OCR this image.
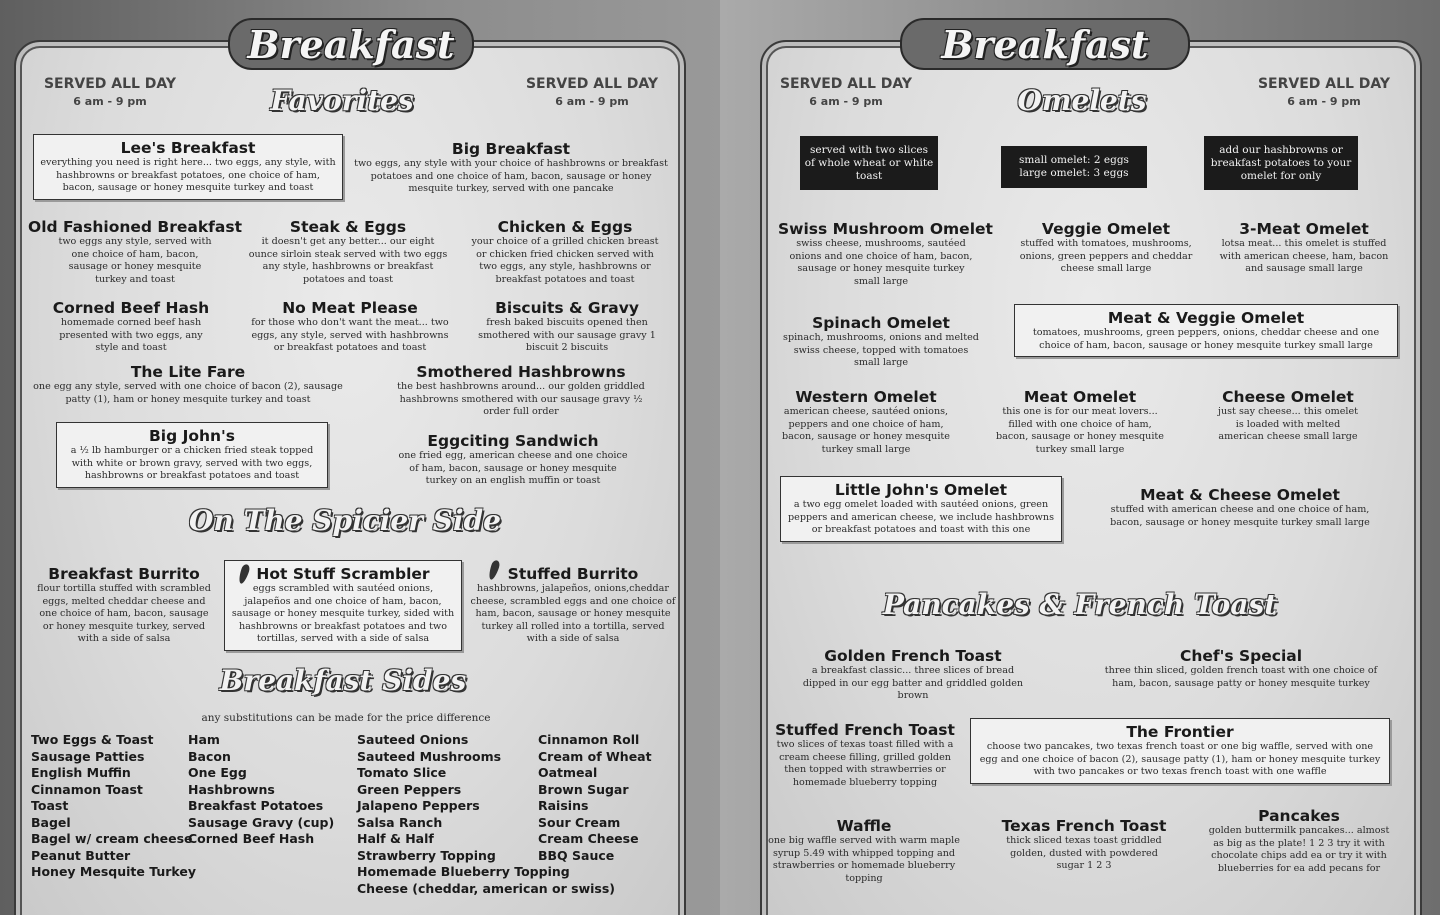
Breakfast
SERVED ALL DAY
6 am - 9 pm
SERVED ALL DAY
6 am - 9 pm
Favorites
Lee's Breakfast
everything you need is right here... two eggs, any style, with hashbrowns or breakfast potatoes, one choice of ham, bacon, sausage or honey mesquite turkey and toast
Big Breakfast
two eggs, any style with your choice of hashbrowns or breakfast potatoes and one choice of ham, bacon, sausage or honey mesquite turkey, served with one pancake
Old Fashioned Breakfast
two eggs any style, served with one choice of ham, bacon, sausage or honey mesquite turkey and toast
Steak & Eggs
it doesn't get any better... our eight ounce sirloin steak served with two eggs any style, hashbrowns or breakfast potatoes and toast
Chicken & Eggs
your choice of a grilled chicken breast or chicken fried chicken served with two eggs, any style, hashbrowns or breakfast potatoes and toast
Corned Beef Hash
homemade corned beef hash presented with two eggs, any style and toast
No Meat Please
for those who don't want the meat... two eggs, any style, served with hashbrowns or breakfast potatoes and toast
Biscuits & Gravy
fresh baked biscuits opened then smothered with our sausage gravy 1 biscuit 2 biscuits
The Lite Fare
one egg any style, served with one choice of bacon (2), sausage patty (1), ham or honey mesquite turkey and toast
Smothered Hashbrowns
the best hashbrowns around... our golden griddled hashbrowns smothered with our sausage gravy ½ order full order
Big John's
a ½ lb hamburger or a chicken fried steak topped with white or brown gravy, served with two eggs, hashbrowns or breakfast potatoes and toast
Eggciting Sandwich
one fried egg, american cheese and one choice of ham, bacon, sausage or honey mesquite turkey on an english muffin or toast
On The Spicier Side
Breakfast Burrito
flour tortilla stuffed with scrambled eggs, melted cheddar cheese and one choice of ham, bacon, sausage or honey mesquite turkey, served with a side of salsa
Hot Stuff Scrambler
eggs scrambled with sautéed onions, jalapeños and one choice of ham, bacon, sausage or honey mesquite turkey, sided with hashbrowns or breakfast potatoes and two tortillas, served with a side of salsa
Stuffed Burrito
hashbrowns, jalapeños, onions,cheddar cheese, scrambled eggs and one choice of ham, bacon, sausage or honey mesquite turkey all rolled into a tortilla, served with a side of salsa
Breakfast Sides
any substitutions can be made for the price difference
Two Eggs & Toast
Sausage Patties
English Muffin
Cinnamon Toast
Toast
Bagel
Bagel w/ cream cheese
Peanut Butter
Honey Mesquite Turkey
Ham
Bacon
One Egg
Hashbrowns
Breakfast Potatoes
Sausage Gravy (cup)
Corned Beef Hash
Sauteed Onions
Sauteed Mushrooms
Tomato Slice
Green Peppers
Jalapeno Peppers
Salsa Ranch
Half & Half
Strawberry Topping
Homemade Blueberry Topping
Cheese (cheddar, american or swiss)
Cinnamon Roll
Cream of Wheat
Oatmeal
Brown Sugar
Raisins
Sour Cream
Cream Cheese
BBQ Sauce
Breakfast
SERVED ALL DAY
6 am - 9 pm
SERVED ALL DAY
6 am - 9 pm
Omelets
served with two slices of whole wheat or white toast
small omelet: 2 eggs large omelet: 3 eggs
add our hashbrowns or breakfast potatoes to your omelet for only
Swiss Mushroom Omelet
swiss cheese, mushrooms, sautéed onions and one choice of ham, bacon, sausage or honey mesquite turkey small large
Veggie Omelet
stuffed with tomatoes, mushrooms, onions, green peppers and cheddar cheese small large
3-Meat Omelet
lotsa meat... this omelet is stuffed with american cheese, ham, bacon and sausage small large
Spinach Omelet
spinach, mushrooms, onions and melted swiss cheese, topped with tomatoes small large
Meat & Veggie Omelet
tomatoes, mushrooms, green peppers, onions, cheddar cheese and one choice of ham, bacon, sausage or honey mesquite turkey small large
Western Omelet
american cheese, sautéed onions, peppers and one choice of ham, bacon, sausage or honey mesquite turkey small large
Meat Omelet
this one is for our meat lovers... filled with one choice of ham, bacon, sausage or honey mesquite turkey small large
Cheese Omelet
just say cheese... this omelet is loaded with melted american cheese small large
Little John's Omelet
a two egg omelet loaded with sautéed onions, green peppers and american cheese, we include hashbrowns or breakfast potatoes and toast with this one
Meat & Cheese Omelet
stuffed with american cheese and one choice of ham, bacon, sausage or honey mesquite turkey small large
Pancakes & French Toast
Golden French Toast
a breakfast classic... three slices of bread dipped in our egg batter and griddled golden brown
Chef's Special
three thin sliced, golden french toast with one choice of ham, bacon, sausage patty or honey mesquite turkey
Stuffed French Toast
two slices of texas toast filled with a cream cheese filling, grilled golden then topped with strawberries or homemade blueberry topping
The Frontier
choose two pancakes, two texas french toast or one big waffle, served with one egg and one choice of bacon (2), sausage patty (1), ham or honey mesquite turkey with two pancakes or two texas french toast with one waffle
Waffle
one big waffle served with warm maple syrup 5.49 with whipped topping and strawberries or homemade blueberry topping
Texas French Toast
thick sliced texas toast griddled golden, dusted with powdered sugar 1 2 3
Pancakes
golden buttermilk pancakes... almost as big as the plate! 1 2 3 try it with chocolate chips add ea or try it with blueberries for ea add pecans for
